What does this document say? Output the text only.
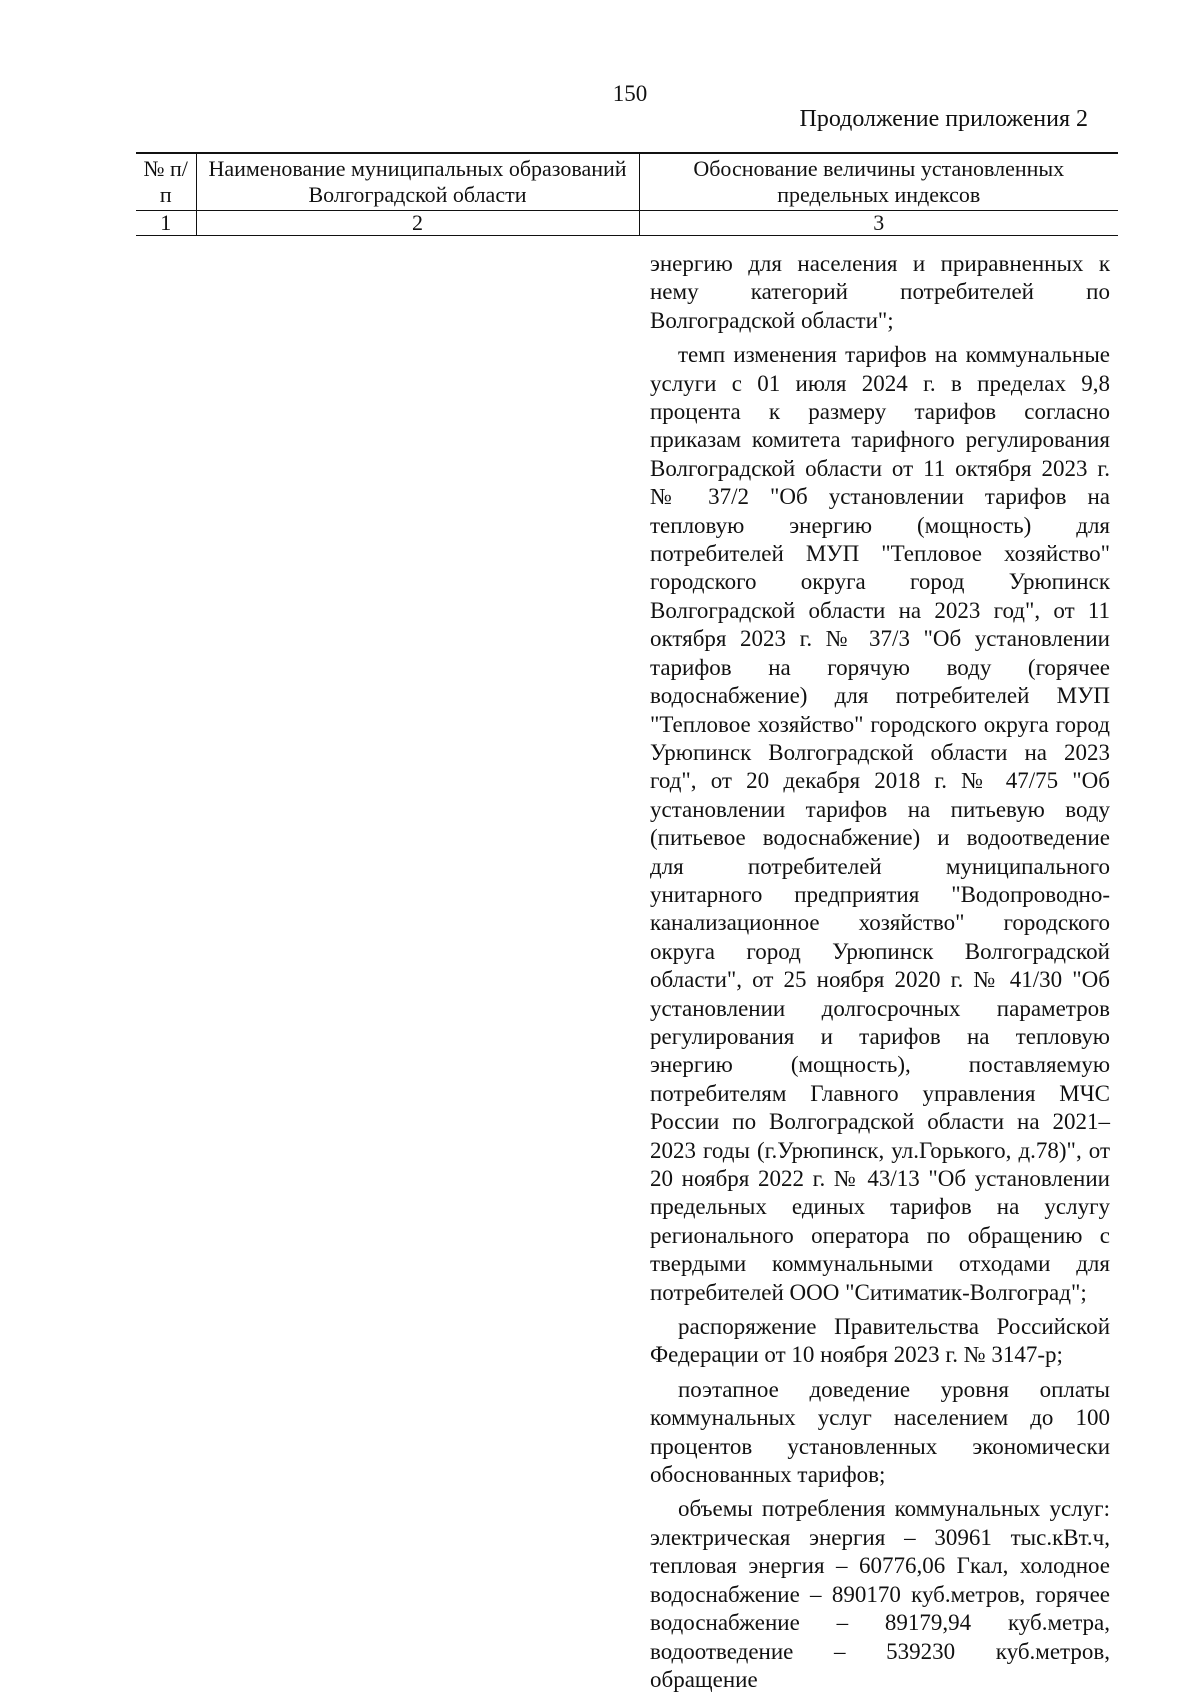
150
Продолжение приложения 2
№ п/п	Наименование муниципальных образований Волгоградской области	Обоснование величины установленных предельных индексов
1	2	3

энергию для населения и приравненных к нему категорий потребителей по Волгоградской области";

темп изменения тарифов на коммунальные услуги с 01 июля 2024 г. в пределах 9,8 процента к размеру тарифов согласно приказам комитета тарифного регулирования Волгоградской области от 11 октября 2023 г. № 37/2 "Об установлении тарифов на тепловую энергию (мощность) для потребителей МУП "Тепловое хозяйство" городского округа город Урюпинск Волгоградской области на 2023 год", от 11 октября 2023 г. № 37/3 "Об установлении тарифов на горячую воду (горячее водоснабжение) для потребителей МУП "Тепловое хозяйство" городского округа город Урюпинск Волгоградской области на 2023 год", от 20 декабря 2018 г. № 47/75 "Об установлении тарифов на питьевую воду (питьевое водоснабжение) и водоотведение для потребителей муниципального унитарного предприятия "Водопроводно-канализационное хозяйство" городского округа город Урюпинск Волгоградской области", от 25 ноября 2020 г. № 41/30 "Об установлении долгосрочных параметров регулирования и тарифов на тепловую энергию (мощность), поставляемую потребителям Главного управления МЧС России по Волгоградской области на 2021–2023 годы (г.Урюпинск, ул.Горького, д.78)", от 20 ноября 2022 г. № 43/13 "Об установлении предельных единых тарифов на услугу регионального оператора по обращению с твердыми коммунальными отходами для потребителей ООО "Ситиматик-Волгоград";

распоряжение Правительства Российской Федерации от 10 ноября 2023 г. № 3147-р;

поэтапное доведение уровня оплаты коммунальных услуг населением до 100 процентов установленных экономически обоснованных тарифов;

объемы потребления коммунальных услуг: электрическая энергия – 30961 тыс.кВт.ч, тепловая энергия – 60776,06 Гкал, холодное водоснабжение – 890170 куб.метров, горячее водоснабжение – 89179,94 куб.метра, водоотведение – 539230 куб.метров, обращение
